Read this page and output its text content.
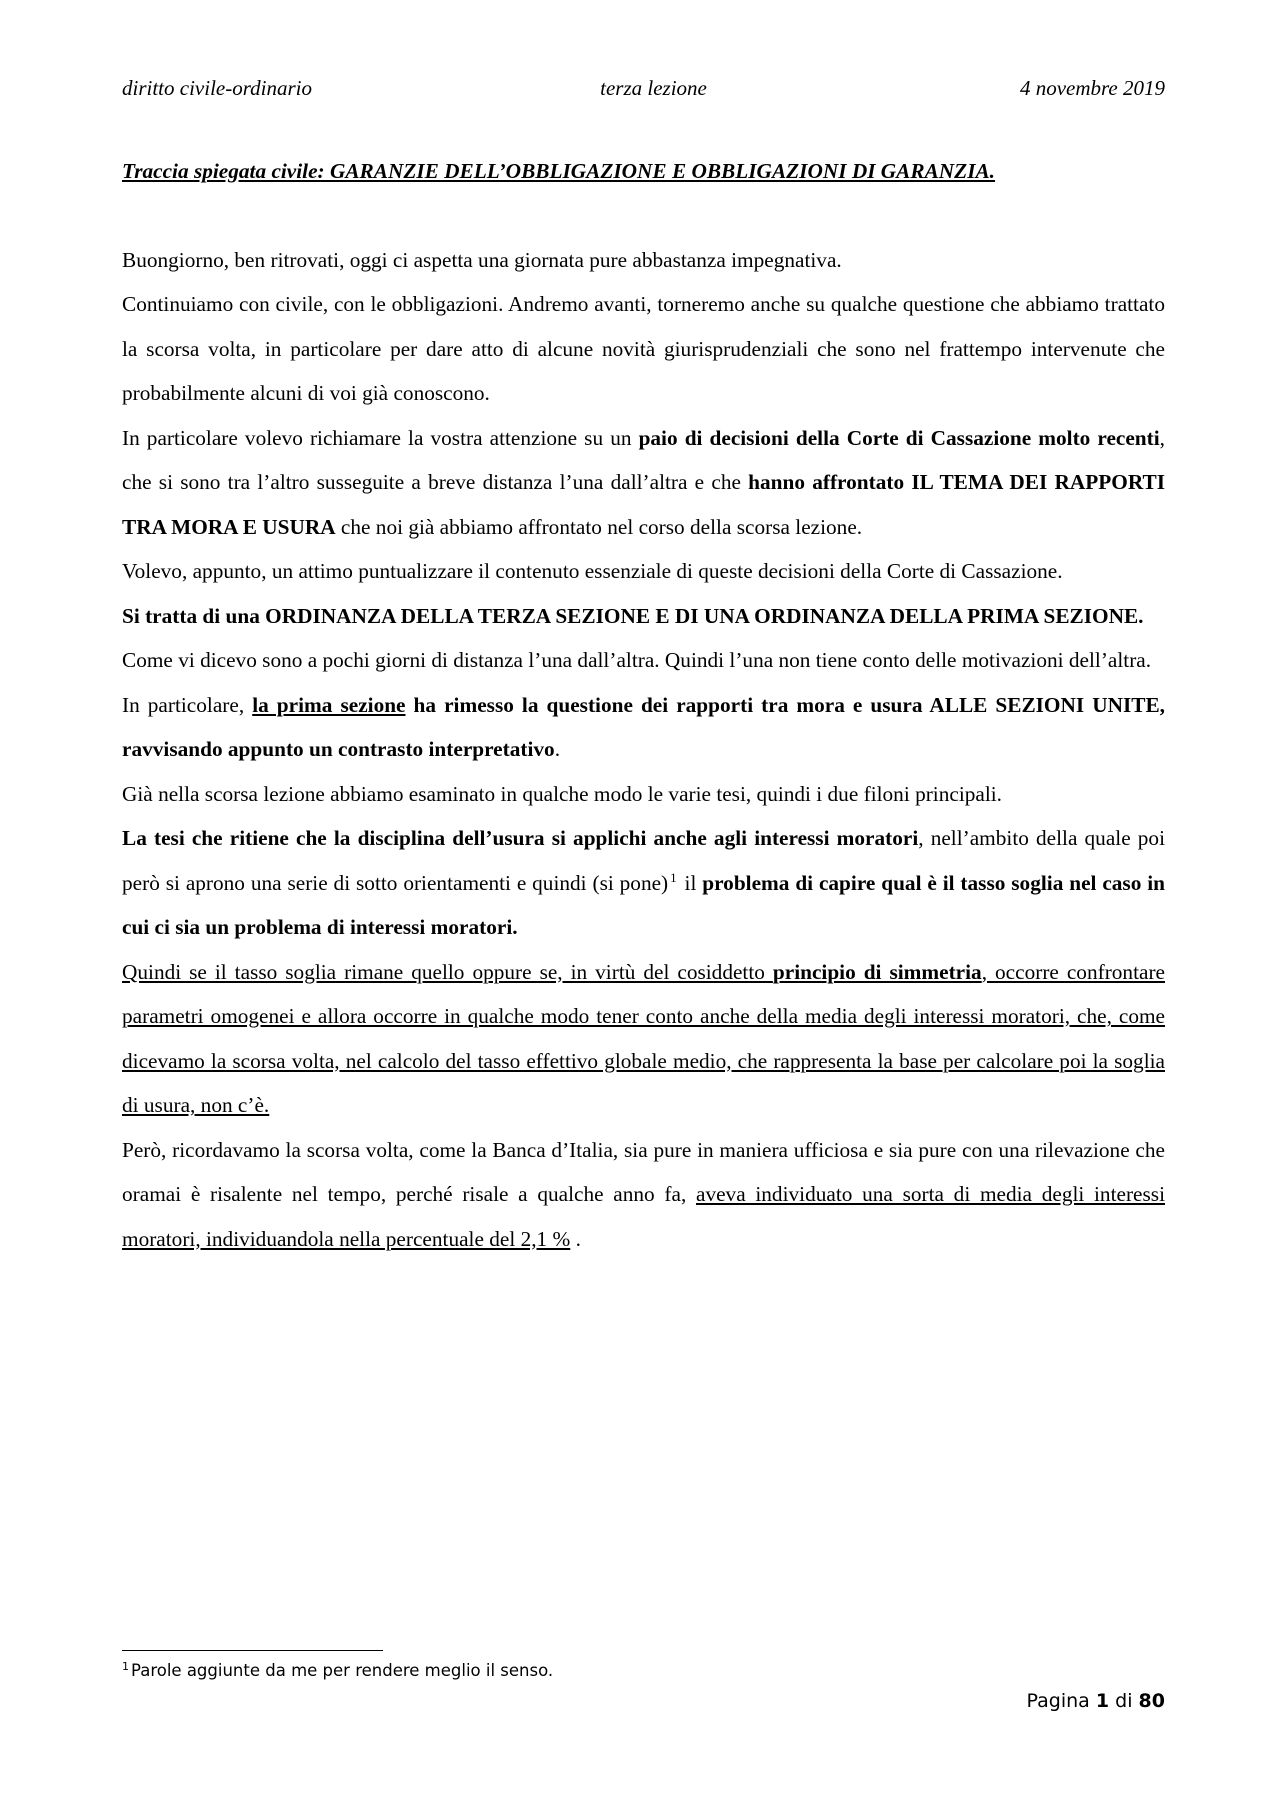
diritto civile-ordinario	terza lezione	4 novembre 2019

Traccia spiegata civile: GARANZIE DELL’OBBLIGAZIONE E OBBLIGAZIONI DI GARANZIA.

Buongiorno, ben ritrovati, oggi ci aspetta una giornata pure abbastanza impegnativa.

Continuiamo con civile, con le obbligazioni. Andremo avanti, torneremo anche su qualche questione che abbiamo trattato la scorsa volta, in particolare per dare atto di alcune novità giurisprudenziali che sono nel frattempo intervenute che probabilmente alcuni di voi già conoscono.

In particolare volevo richiamare la vostra attenzione su un paio di decisioni della Corte di Cassazione molto recenti, che si sono tra l’altro susseguite a breve distanza l’una dall’altra e che hanno affrontato IL TEMA DEI RAPPORTI TRA MORA E USURA che noi già abbiamo affrontato nel corso della scorsa lezione.

Volevo, appunto, un attimo puntualizzare il contenuto essenziale di queste decisioni della Corte di Cassazione.

Si tratta di una ORDINANZA DELLA TERZA SEZIONE E DI UNA ORDINANZA DELLA PRIMA SEZIONE.

Come vi dicevo sono a pochi giorni di distanza l’una dall’altra. Quindi l’una non tiene conto delle motivazioni dell’altra.

In particolare, la prima sezione ha rimesso la questione dei rapporti tra mora e usura ALLE SEZIONI UNITE, ravvisando appunto un contrasto interpretativo.

Già nella scorsa lezione abbiamo esaminato in qualche modo le varie tesi, quindi i due filoni principali.

La tesi che ritiene che la disciplina dell’usura si applichi anche agli interessi moratori, nell’ambito della quale poi però si aprono una serie di sotto orientamenti e quindi (si pone) $^1$ il problema di capire qual è il tasso soglia nel caso in cui ci sia un problema di interessi moratori.

Quindi se il tasso soglia rimane quello oppure se, in virtù del cosiddetto principio di simmetria, occorre confrontare parametri omogenei e allora occorre in qualche modo tener conto anche della media degli interessi moratori, che, come dicevamo la scorsa volta, nel calcolo del tasso effettivo globale medio, che rappresenta la base per calcolare poi la soglia di usura, non c’è.

Però, ricordavamo la scorsa volta, come la Banca d’Italia, sia pure in maniera ufficiosa e sia pure con una rilevazione che oramai è risalente nel tempo, perché risale a qualche anno fa, aveva individuato una sorta di media degli interessi moratori, individuandola nella percentuale del 2,1 % .

$^1$ Parole aggiunte da me per rendere meglio il senso.
Pagina 1 di 80
